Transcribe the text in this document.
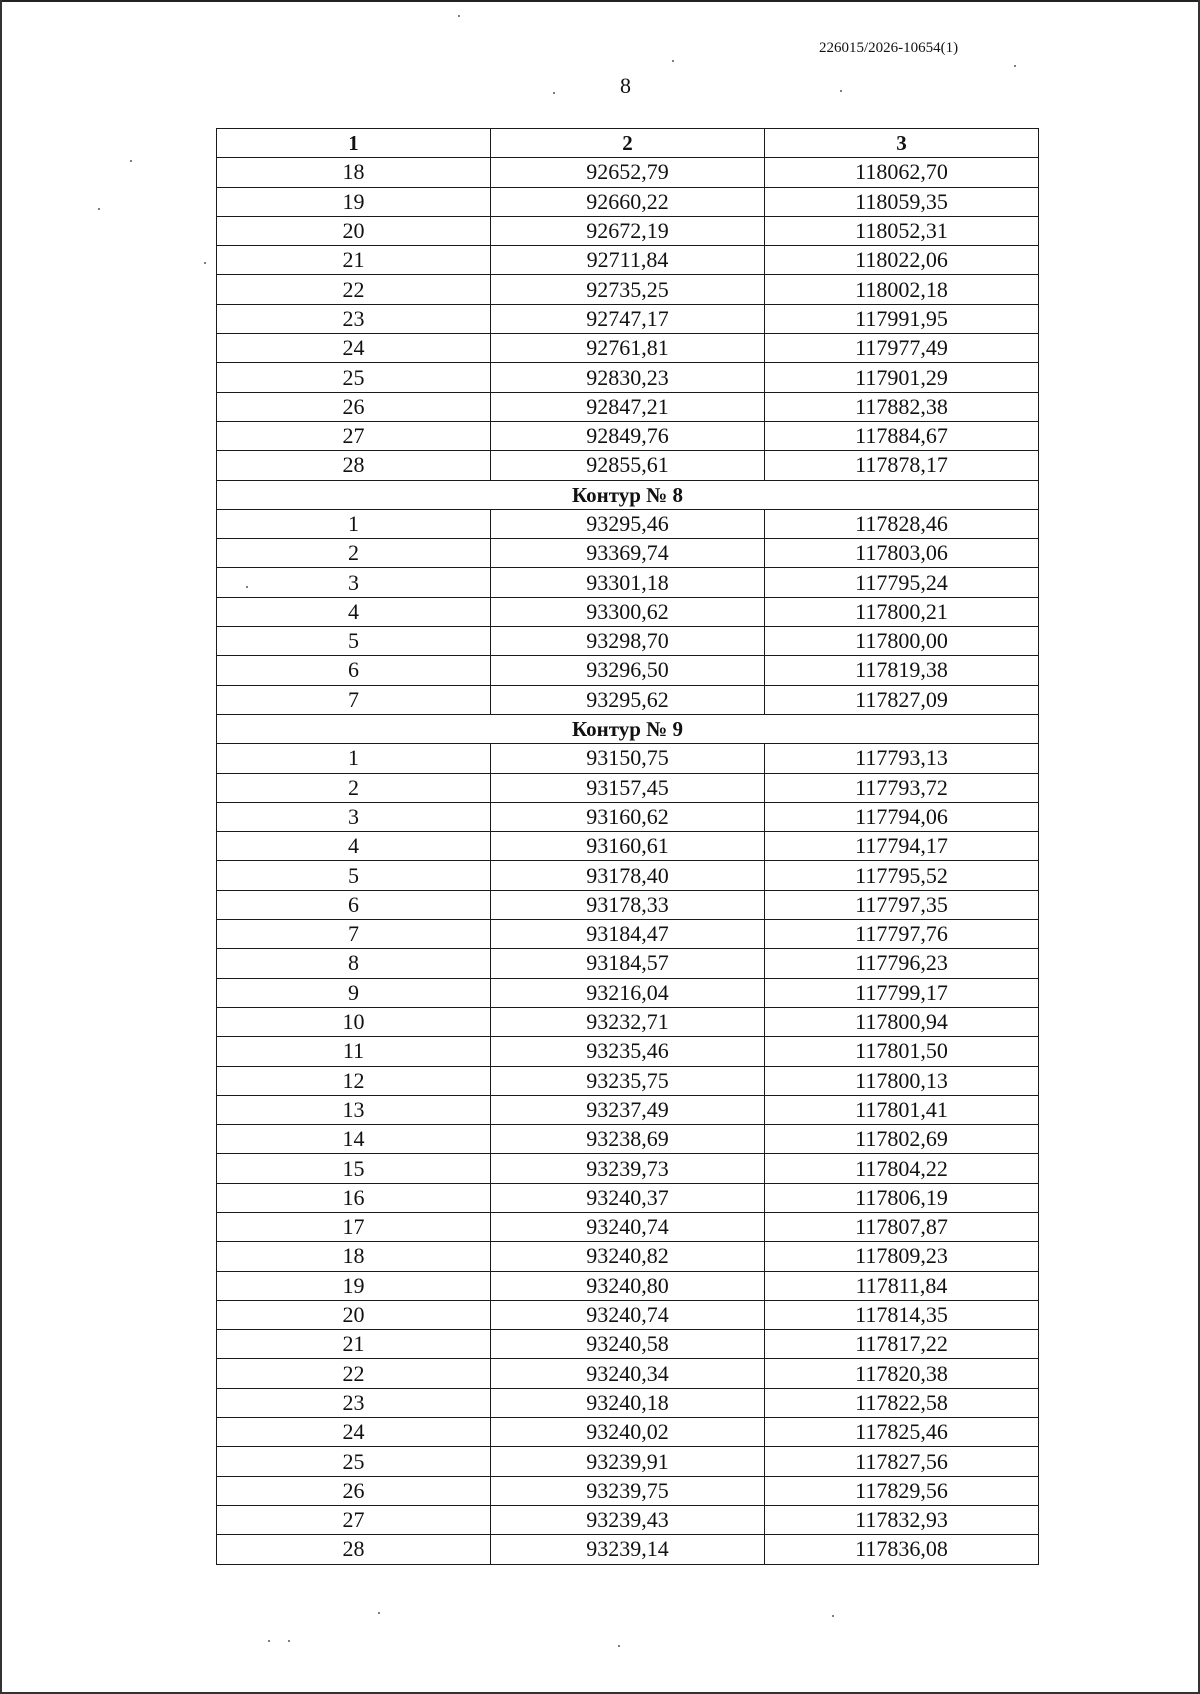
226015/2026-10654(1)
8
1	2	3
18	92652,79	118062,70
19	92660,22	118059,35
20	92672,19	118052,31
21	92711,84	118022,06
22	92735,25	118002,18
23	92747,17	117991,95
24	92761,81	117977,49
25	92830,23	117901,29
26	92847,21	117882,38
27	92849,76	117884,67
28	92855,61	117878,17
Контур № 8		
1	93295,46	117828,46
2	93369,74	117803,06
3	93301,18	117795,24
4	93300,62	117800,21
5	93298,70	117800,00
6	93296,50	117819,38
7	93295,62	117827,09
Контур № 9		
1	93150,75	117793,13
2	93157,45	117793,72
3	93160,62	117794,06
4	93160,61	117794,17
5	93178,40	117795,52
6	93178,33	117797,35
7	93184,47	117797,76
8	93184,57	117796,23
9	93216,04	117799,17
10	93232,71	117800,94
11	93235,46	117801,50
12	93235,75	117800,13
13	93237,49	117801,41
14	93238,69	117802,69
15	93239,73	117804,22
16	93240,37	117806,19
17	93240,74	117807,87
18	93240,82	117809,23
19	93240,80	117811,84
20	93240,74	117814,35
21	93240,58	117817,22
22	93240,34	117820,38
23	93240,18	117822,58
24	93240,02	117825,46
25	93239,91	117827,56
26	93239,75	117829,56
27	93239,43	117832,93
28	93239,14	117836,08
